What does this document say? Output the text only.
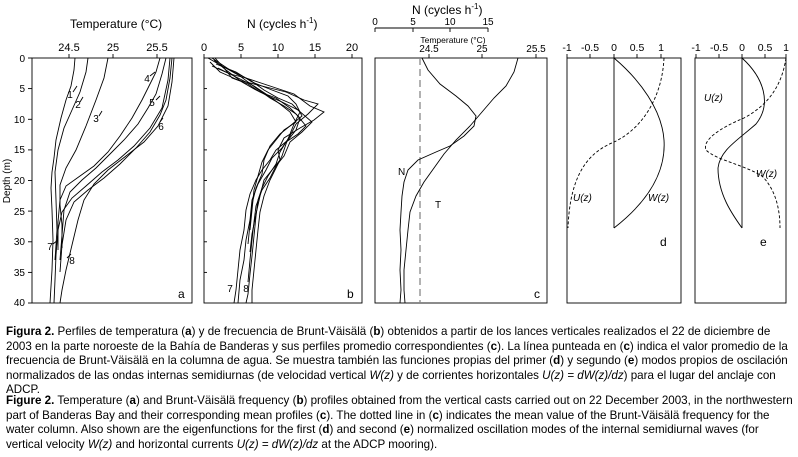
Temperature (°C)
24.5 25 25.5
Depth (m)
0
5
10
15
20
25
30
35
40
1
2
3
4
5
6
7
8
a
N (cycles $h^{-1}$)
0	5	10 15 20
7 8	b
N (cycles $h^{-1}$)
0	5	10	15
Temperature (°C)
24.5	25	25.5
N
T
c
-1 -0.5 0 0.5 1
U(z)	W(z)
d
-1 -0.5 0 0.5 1
U(z)
W(z)
e
Figura 2. Perfiles de temperatura (a) y de frecuencia de Brunt-Väisälä (b) obtenidos a partir de los lances verticales realizados el 22 de diciembre de 2003 en la parte noroeste de la Bahía de Banderas y sus perfiles promedio correspondientes (c). La línea punteada en (c) indica el valor promedio de la frecuencia de Brunt-Väisälä en la columna de agua. Se muestra también las funciones propias del primer (d) y segundo (e) modos propios de oscilación normalizados de las ondas internas semidiurnas (de velocidad vertical W(z) y de corrientes horizontales U(z) = dW(z)/dz) para el lugar del anclaje con ADCP.
Figure 2. Temperature (a) and Brunt-Väisälä frequency (b) profiles obtained from the vertical casts carried out on 22 December 2003, in the northwestern part of Banderas Bay and their corresponding mean profiles (c). The dotted line in (c) indicates the mean value of the Brunt-Väisälä frequency for the water column. Also shown are the eigenfunctions for the first (d) and second (e) normalized oscillation modes of the internal semidiurnal waves (for vertical velocity W(z) and horizontal currents U(z) = dW(z)/dz at the ADCP mooring).
